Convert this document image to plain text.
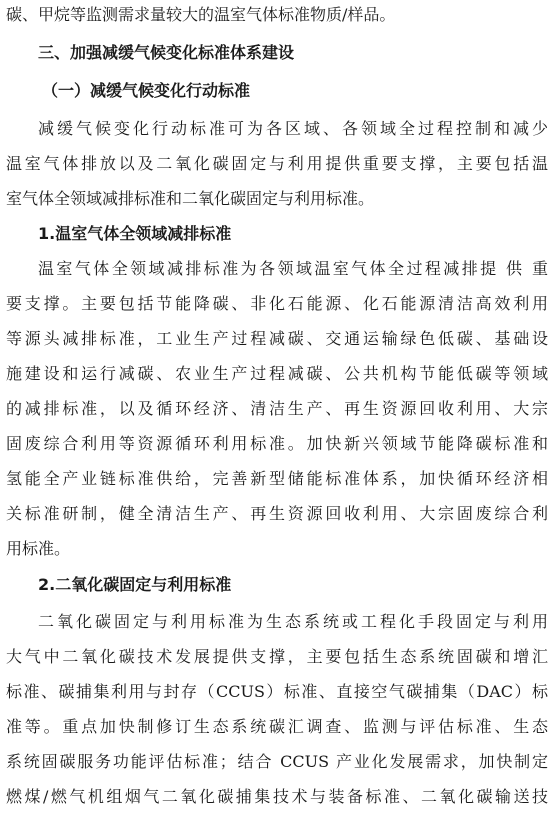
碳、甲烷等监测需求量较大的温室气体标准物质/样品。
三、加强减缓气候变化标准体系建设
（一）减缓气候变化行动标准
减缓气候变化行动标准可为各区域、各领域全过程控制和减少
温室气体排放以及二氧化碳固定与利用提供重要支撑，主要包括温
室气体全领域减排标准和二氧化碳固定与利用标准。
1.温室气体全领域减排标准
温室气体全领域减排标准为各领域温室气体全过程减排提 供 重
要支撑。主要包括节能降碳、非化石能源、化石能源清洁高效利用
等源头减排标准，工业生产过程减碳、交通运输绿色低碳、基础设
施建设和运行减碳、农业生产过程减碳、公共机构节能低碳等领域
的减排标准，以及循环经济、清洁生产、再生资源回收利用、大宗
固废综合利用等资源循环利用标准。加快新兴领域节能降碳标准和
氢能全产业链标准供给，完善新型储能标准体系，加快循环经济相
关标准研制，健全清洁生产、再生资源回收利用、大宗固废综合利
用标准。
2.二氧化碳固定与利用标准
二氧化碳固定与利用标准为生态系统或工程化手段固定与利用
大气中二氧化碳技术发展提供支撑，主要包括生态系统固碳和增汇
标准、碳捕集利用与封存（CCUS）标准、直接空气碳捕集（DAC）标
准等。重点加快制修订生态系统碳汇调查、监测与评估标准、生态
系统固碳服务功能评估标准；结合 CCUS 产业化发展需求，加快制定
燃煤/燃气机组烟气二氧化碳捕集技术与装备标准、二氧化碳输送技
